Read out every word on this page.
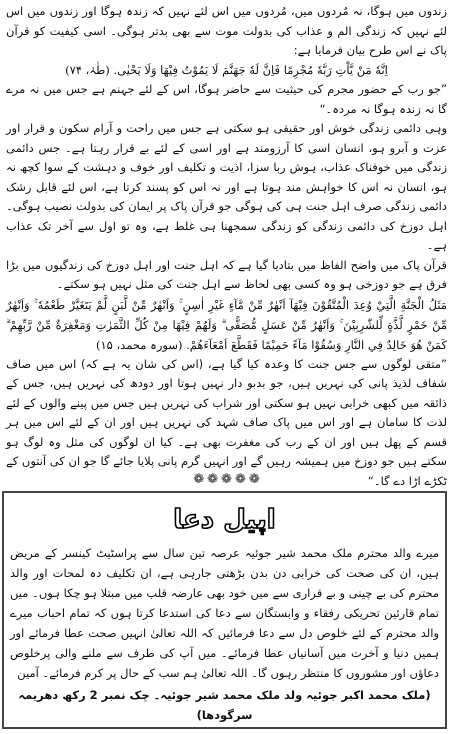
زندوں میں ہوگا، نہ مُردوں میں، مُردوں میں اس لئے نہیں کہ زندہ ہوگا اور زندوں میں اس لئے نہیں کہ زندگی الم و عذاب کی بدولت موت سے بھی بدتر ہوگی۔ اسی کیفیت کو قرآن پاک نے اس طرح بیان فرمایا ہے:

اِنَّهٗ مَنْ يَّاْتِ رَبَّهٗ مُجْرِمًا فَاِنَّ لَهٗ جَهَنَّمَ لَا يَمُوْتُ فِيْهَا وَلَا يَحْيٰى. (طٰہٰ، ۷۴)

”جو رب کے حضور مجرم کی حیثیت سے حاضر ہوگا، اس کے لئے جہنم ہے جس میں نہ مرے گا نہ زندہ ہوگا نہ مردہ۔“

وہی دائمی زندگی خوش اور حقیقی ہو سکتی ہے جس میں راحت و آرام سکون و قرار اور عزت و آبرو ہو، انسان اسی کا آرزومند ہے اور اسی کے لئے بے قرار رہتا ہے۔ جس دائمی زندگی میں خوفناک عذاب، ہوش ربا سزا، اذیت و تکلیف اور خوف و دہشت کے سوا کچھ نہ ہو، انسان نہ اس کا خواہش مند ہوتا ہے اور نہ اس کو پسند کرتا ہے، اس لئے قابل رشک دائمی زندگی صرف اہل جنت ہی کی ہوگی جو قرآن پاک پر ایمان کی بدولت نصیب ہوگی۔ اہل دوزخ کی دائمی زندگی کو زندگی سمجھنا ہی غلط ہے، وہ تو اول سے آخر تک عذاب ہے۔

قرآن پاک میں واضح الفاظ میں بتادیا گیا ہے کہ اہل جنت اور اہل دوزخ کی زندگیوں میں بڑا فرق ہے جو دوزخی ہو وہ کسی بھی لحاظ سے اہل جنت کی مثل نہیں ہو سکتے۔

مَثَلُ الْجَنَّةِ الَّتِيْ وُعِدَ الْمُتَّقُوْنَ فِيْهَآ اَنْهٰرٌ مِّنْ مَّآءٍ غَيْرِ اٰسِنٍ ۚ وَاَنْهٰرٌ مِّنْ لَّبَنٍ لَّمْ يَتَغَيَّرْ طَعْمُهٗ ۚ وَاَنْهٰرٌ مِّنْ خَمْرٍ لَّذَّةٍ لِّلشّٰرِبِيْنَ ۚ وَاَنْهٰرٌ مِّنْ عَسَلٍ مُّصَفًّى ۗ وَلَهُمْ فِيْهَا مِنْ كُلِّ الثَّمَرٰتِ وَمَغْفِرَةٌ مِّنْ رَّبِّهِمْ ۗ كَمَنْ هُوَ خَالِدٌ فِي النَّارِ وَسُقُوْا مَآءً حَمِيْمًا فَقَطَّعَ اَمْعَآءَهُمْ. (سورہ محمد، ۱۵)

”متقی لوگوں سے جس جنت کا وعدہ کیا گیا ہے، (اس کی شان یہ ہے کہ) اس میں صاف شفاف لذیذ پانی کی نہریں ہیں، جو بدبو دار نہیں ہوتا اور دودھ کی نہریں ہیں، جس کے ذائقہ میں کبھی خرابی نہیں ہو سکتی اور شراب کی نہریں ہیں جس میں پینے والوں کے لئے لذت کا سامان ہے اور اس میں پاک صاف شہد کی نہریں ہیں اور ان کے لئے اس میں ہر قسم کے پھل ہیں اور ان کے رب کی مغفرت بھی ہے۔ کیا ان لوگوں کی مثل وہ لوگ ہو سکتے ہیں جو دوزخ میں ہمیشہ رہیں گے اور انہیں گرم پانی پلایا جائے گا جو ان کی آنتوں کے ٹکڑے اڑا دے گا۔“

❁ ❁ ❁ ❁ ❁
اپیل دعا
میرے والد محترم ملک محمد شیر جوئیہ عرصہ تین سال سے پراسٹیٹ کینسر کے مریض ہیں، ان کی صحت کی خرابی دن بدن بڑھتی جارہی ہے، ان تکلیف دہ لمحات اور والد محترم کی بے چینی و بے قراری سے میں خود بھی عارضہ قلب میں مبتلا ہو چکا ہوں۔ میں تمام قارئین تحریکی رفقاء و وابستگان سے دعا کی استدعا کرتا ہوں کہ تمام احباب میرے والد محترم کے لئے خلوص دل سے دعا فرمائیں کہ اللہ تعالیٰ انہیں صحت عطا فرمائے اور ہمیں دنیا و آخرت میں آسانیاں عطا فرمائے۔ میں آپ کی طرف سے ملنے والی پرخلوص دعاؤں اور مشوروں کا منتظر رہوں گا۔ اللہ تعالیٰ ہم سب کے حال پر کرم فرمائے۔ آمین
(ملک محمد اکبر جوئیہ ولد ملک محمد شیر جوئیہ۔ چک نمبر 2 رکھ دھریمہ سرگودھا)
